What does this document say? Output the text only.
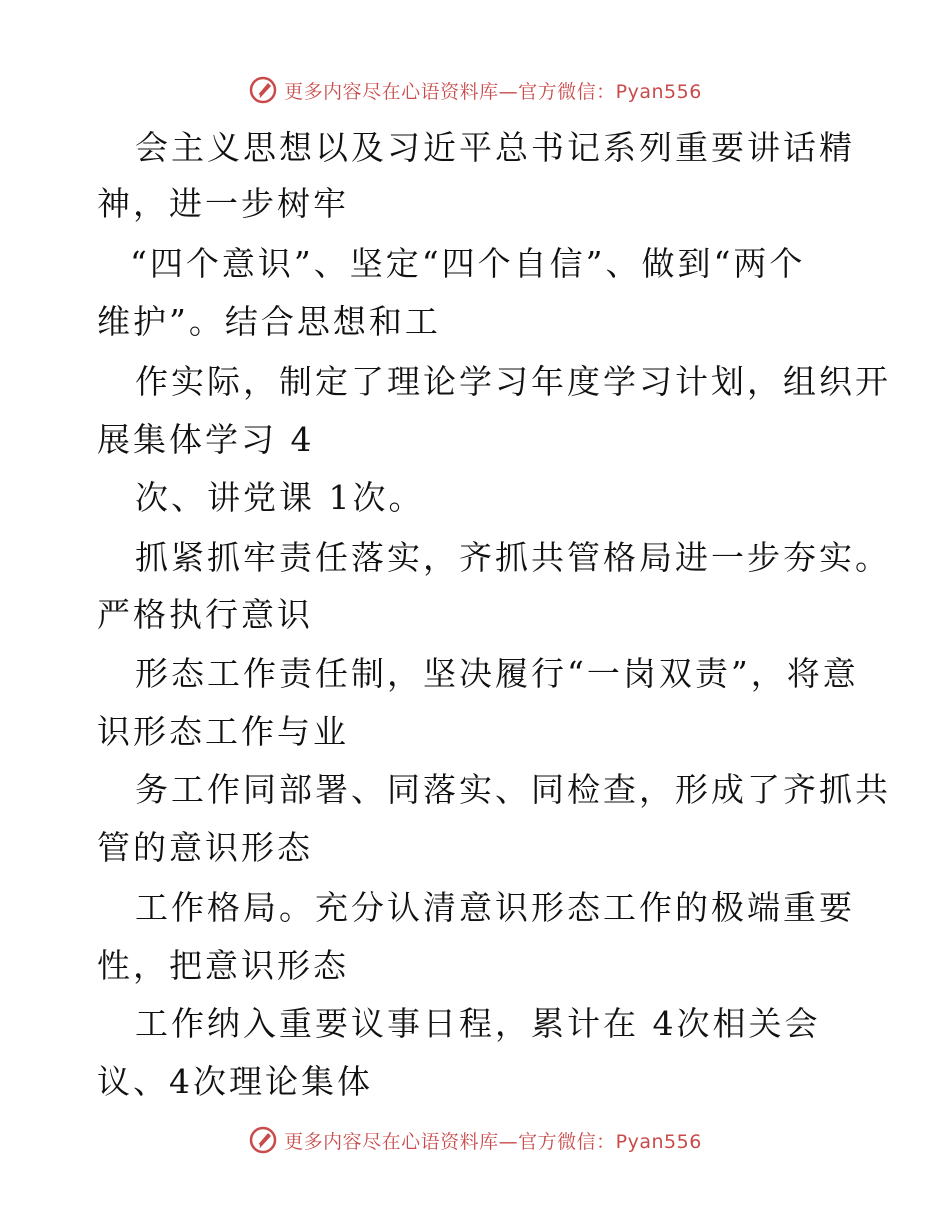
更多内容尽在心语资料库—官方微信：Pyan556
会主义思想以及习近平总书记系列重要讲话精
神，进一步树牢
“四个意识”、坚定“四个自信”、做到“两个
维护”。结合思想和工
作实际，制定了理论学习年度学习计划，组织开
展集体学习 4
次、讲党课 1次。
抓紧抓牢责任落实，齐抓共管格局进一步夯实。
严格执行意识
形态工作责任制，坚决履行“一岗双责”，将意
识形态工作与业
务工作同部署、同落实、同检查，形成了齐抓共
管的意识形态
工作格局。充分认清意识形态工作的极端重要
性，把意识形态
工作纳入重要议事日程，累计在 4次相关会
议、4次理论集体
更多内容尽在心语资料库—官方微信：Pyan556
